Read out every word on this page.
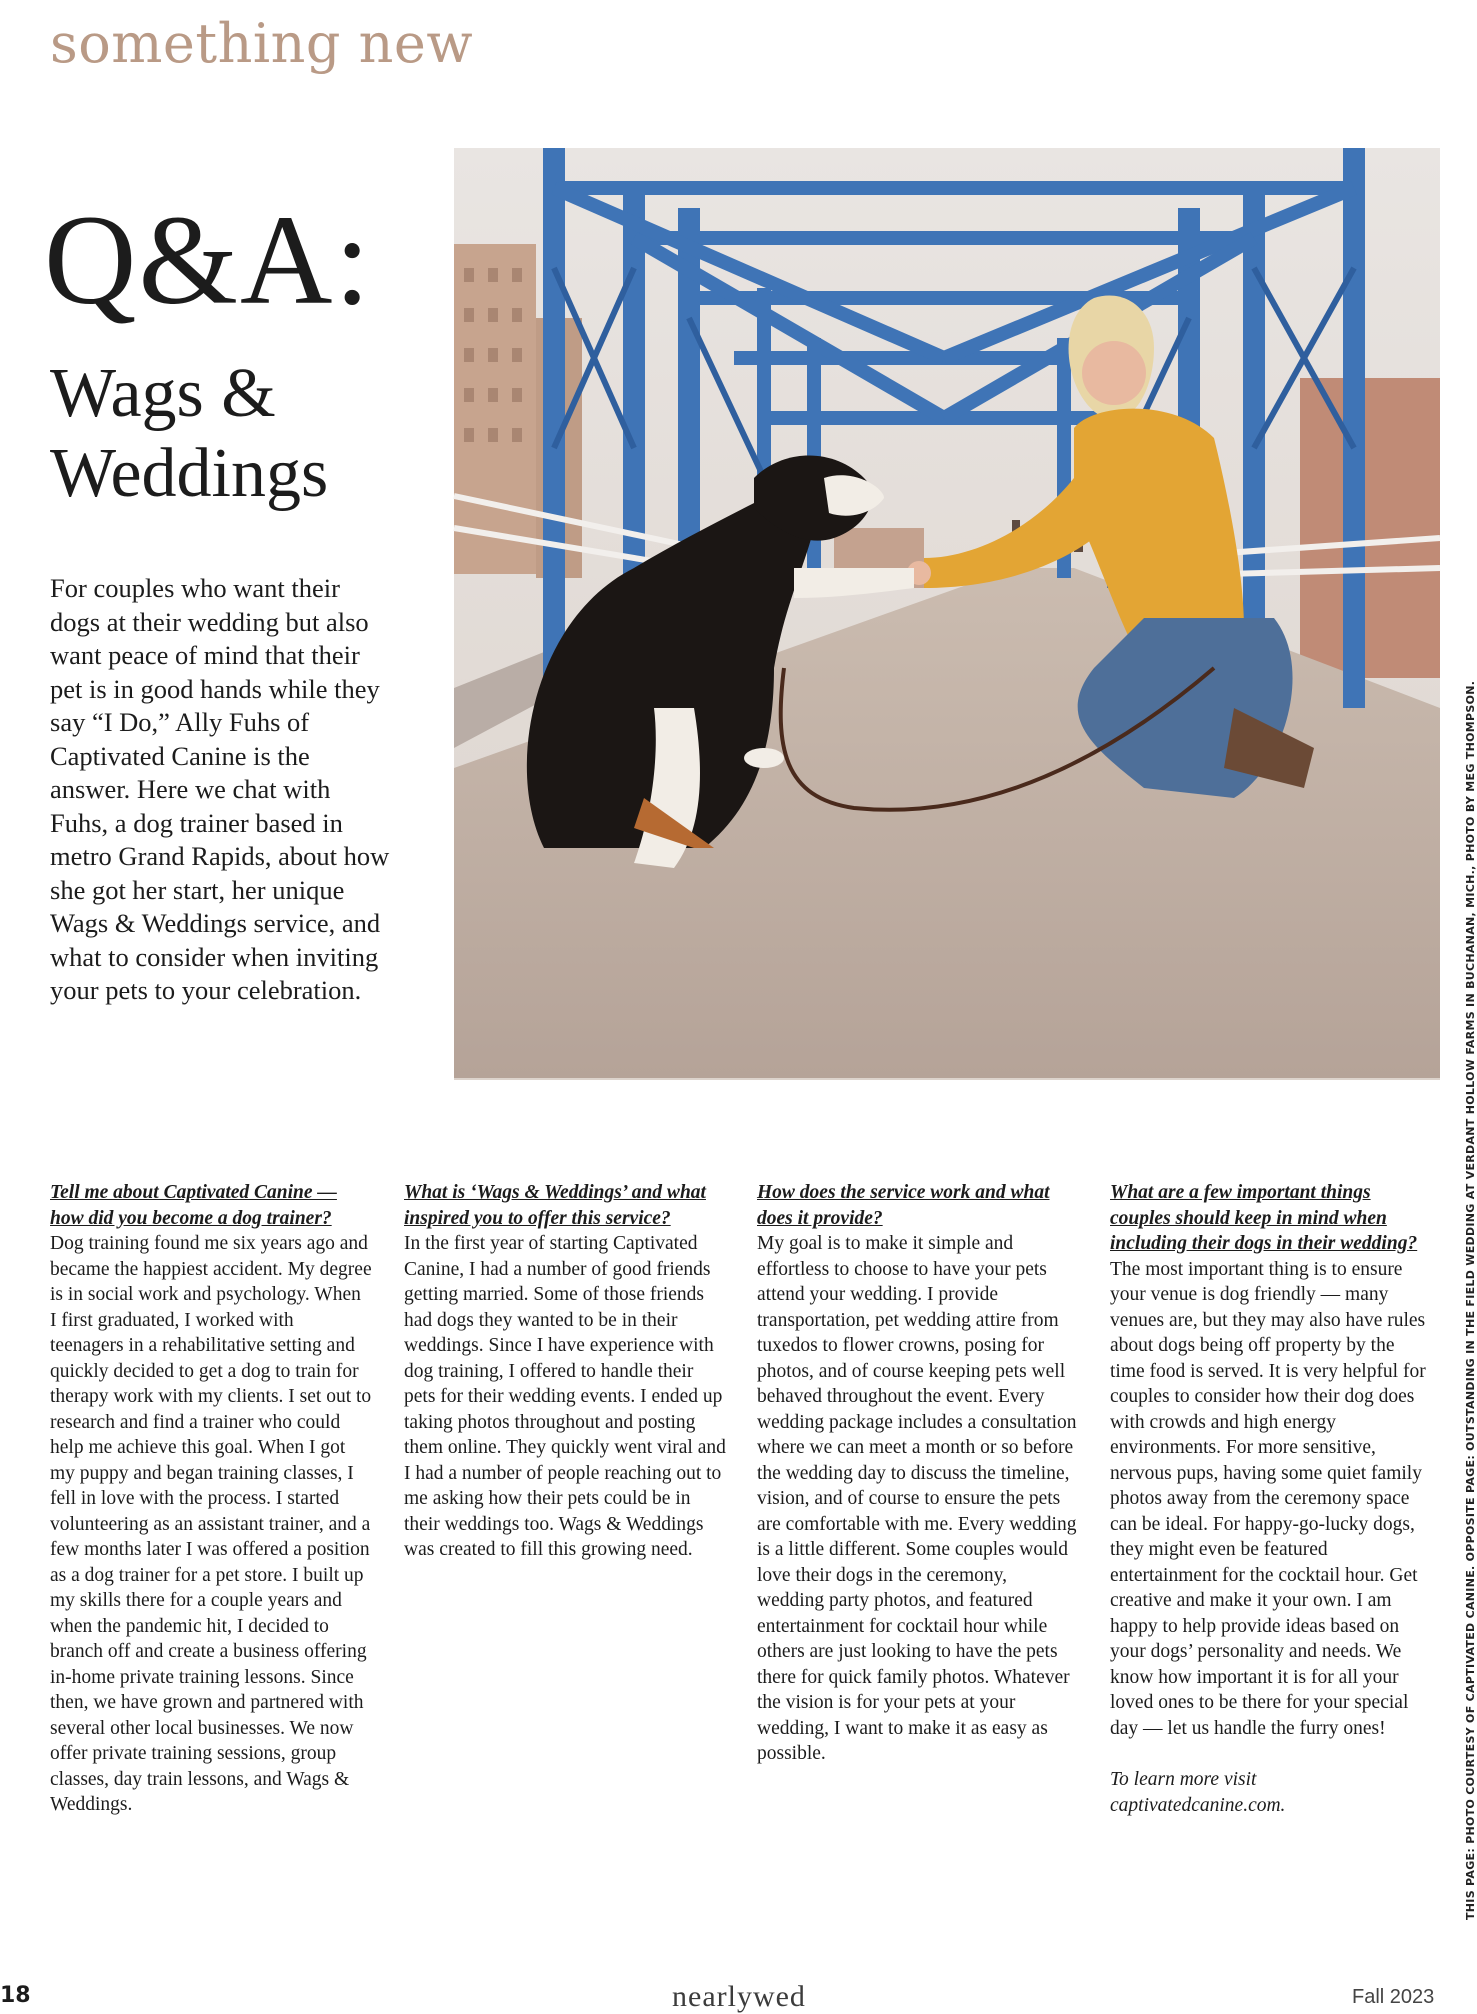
something new
Q&A:
Wags & Weddings

For couples who want their dogs at their wedding but also want peace of mind that their pet is in good hands while they say “I Do,” Ally Fuhs of Captivated Canine is the answer. Here we chat with Fuhs, a dog trainer based in metro Grand Rapids, about how she got her start, her unique Wags & Weddings service, and what to consider when inviting your pets to your celebration.	THIS PAGE: PHOTO COURTESY OF CAPTIVATED CANINE. OPPOSITE PAGE: OUTSTANDING IN THE FIELD WEDDING AT VERDANT HOLLOW FARMS IN BUCHANAN, MICH., PHOTO BY MEG THOMPSON.

Tell me about Captivated Canine — how did you become a dog trainer?

Dog training found me six years ago and became the happiest accident. My degree is in social work and psychology. When I first graduated, I worked with teenagers in a rehabilitative setting and quickly decided to get a dog to train for therapy work with my clients. I set out to research and find a trainer who could help me achieve this goal. When I got my puppy and began training classes, I fell in love with the process. I started volunteering as an assistant trainer, and a few months later I was offered a position as a dog trainer for a pet store. I built up my skills there for a couple years and when the pandemic hit, I decided to branch off and create a business offering in-home private training lessons. Since then, we have grown and partnered with several other local businesses. We now offer private training sessions, group classes, day train lessons, and Wags & Weddings.

What is ‘Wags & Weddings’ and what inspired you to offer this service?

In the first year of starting Captivated Canine, I had a number of good friends getting married. Some of those friends had dogs they wanted to be in their weddings. Since I have experience with dog training, I offered to handle their pets for their wedding events. I ended up taking photos throughout and posting them online. They quickly went viral and I had a number of people reaching out to me asking how their pets could be in their weddings too. Wags & Weddings was created to fill this growing need.

How does the service work and what does it provide?

My goal is to make it simple and effortless to choose to have your pets attend your wedding. I provide transportation, pet wedding attire from tuxedos to flower crowns, posing for photos, and of course keeping pets well behaved throughout the event. Every wedding package includes a consultation where we can meet a month or so before the wedding day to discuss the timeline, vision, and of course to ensure the pets are comfortable with me. Every wedding is a little different. Some couples would love their dogs in the ceremony, wedding party photos, and featured entertainment for cocktail hour while others are just looking to have the pets there for quick family photos. Whatever the vision is for your pets at your wedding, I want to make it as easy as possible.

What are a few important things couples should keep in mind when including their dogs in their wedding?

The most important thing is to ensure your venue is dog friendly — many venues are, but they may also have rules about dogs being off property by the time food is served. It is very helpful for couples to consider how their dog does with crowds and high energy environments. For more sensitive, nervous pups, having some quiet family photos away from the ceremony space can be ideal. For happy-go-lucky dogs, they might even be featured entertainment for the cocktail hour. Get creative and make it your own. I am happy to help provide ideas based on your dogs’ personality and needs. We know how important it is for all your loved ones to be there for your special day — let us handle the furry ones!

To learn more visit captivatedcanine.com.

18	nearlywed	Fall 2023
